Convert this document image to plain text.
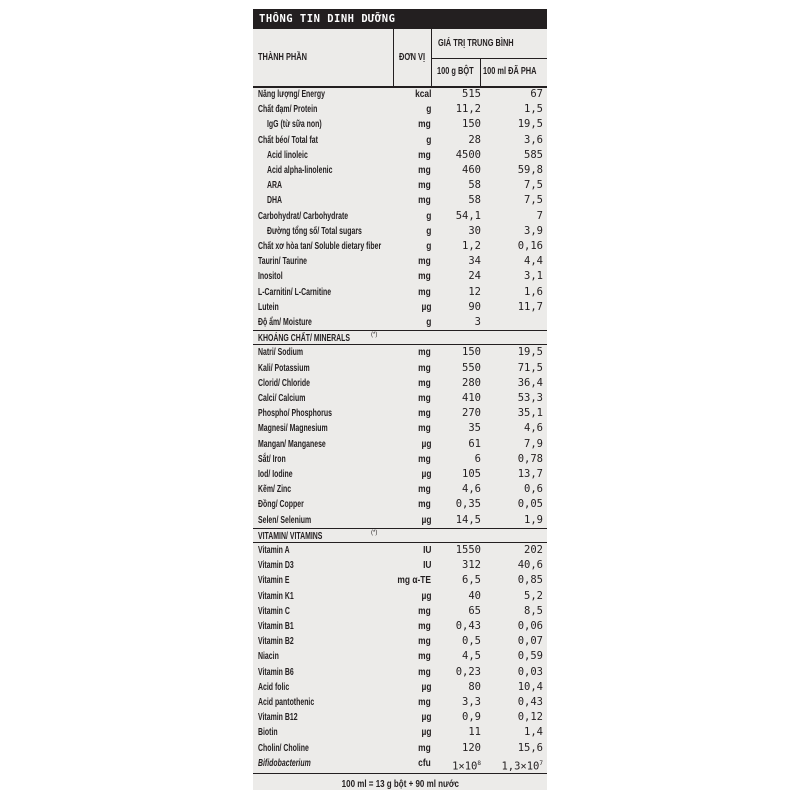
THÔNG TIN DINH DƯỠNG
THÀNH PHẦN	ĐƠN VỊ
GIÁ TRỊ TRUNG BÌNH
100 g BỘT 100 ml ĐÃ PHA
Năng lượng/ Energy	kcal	515	67
Chất đạm/ Protein	g 11,2	1,5
IgG (từ sữa non)	mg	150	19,5
Chất béo/ Total fat	g	28	3,6
Acid linoleic	mg 4500	585
Acid alpha-linolenic	mg	460	59,8
ARA	mg	58	7,5
DHA	mg	58	7,5
Carbohydrat/ Carbohydrate	g 54,1	7
Đường tổng số/ Total sugars	g	30	3,9
Chất xơ hòa tan/ Soluble dietary fiber	g	1,2	0,16
Taurin/ Taurine	mg	34	4,4
Inositol	mg	24	3,1
L-Carnitin/ L-Carnitine	mg	12	1,6
Lutein	µg	90	11,7
Độ ẩm/ Moisture	g	3
KHOÁNG CHẤT/ MINERALS	(*)
Natri/ Sodium	mg	150	19,5
Kali/ Potassium	mg	550	71,5
Clorid/ Chloride	mg	280	36,4
Calci/ Calcium	mg	410	53,3
Phospho/ Phosphorus	mg	270	35,1
Magnesi/ Magnesium	mg	35	4,6
Mangan/ Manganese	µg	61	7,9
Sắt/ Iron	mg	6	0,78
Iod/ Iodine	µg	105	13,7
Kẽm/ Zinc	mg	4,6	0,6
Đồng/ Copper	mg 0,35	0,05
Selen/ Selenium	µg 14,5	1,9
VITAMIN/ VITAMINS	(*)
Vitamin A	IU 1550	202
Vitamin D3	IU	312	40,6
Vitamin E	mg α-TE	6,5	0,85
Vitamin K1	µg	40	5,2
Vitamin C	mg	65	8,5
Vitamin B1	mg 0,43	0,06
Vitamin B2	mg	0,5	0,07
Niacin	mg	4,5	0,59
Vitamin B6	mg 0,23	0,03
Acid folic	µg	80	10,4
Acid pantothenic	mg	3,3	0,43
Vitamin B12	µg	0,9	0,12
Biotin	µg	11	1,4
Cholin/ Choline	mg	120	15,6
Bifidobacterium	cfu $1\times 10^8$ $1,3\times 10^7$
100 ml = 13 g bột + 90 ml nước
